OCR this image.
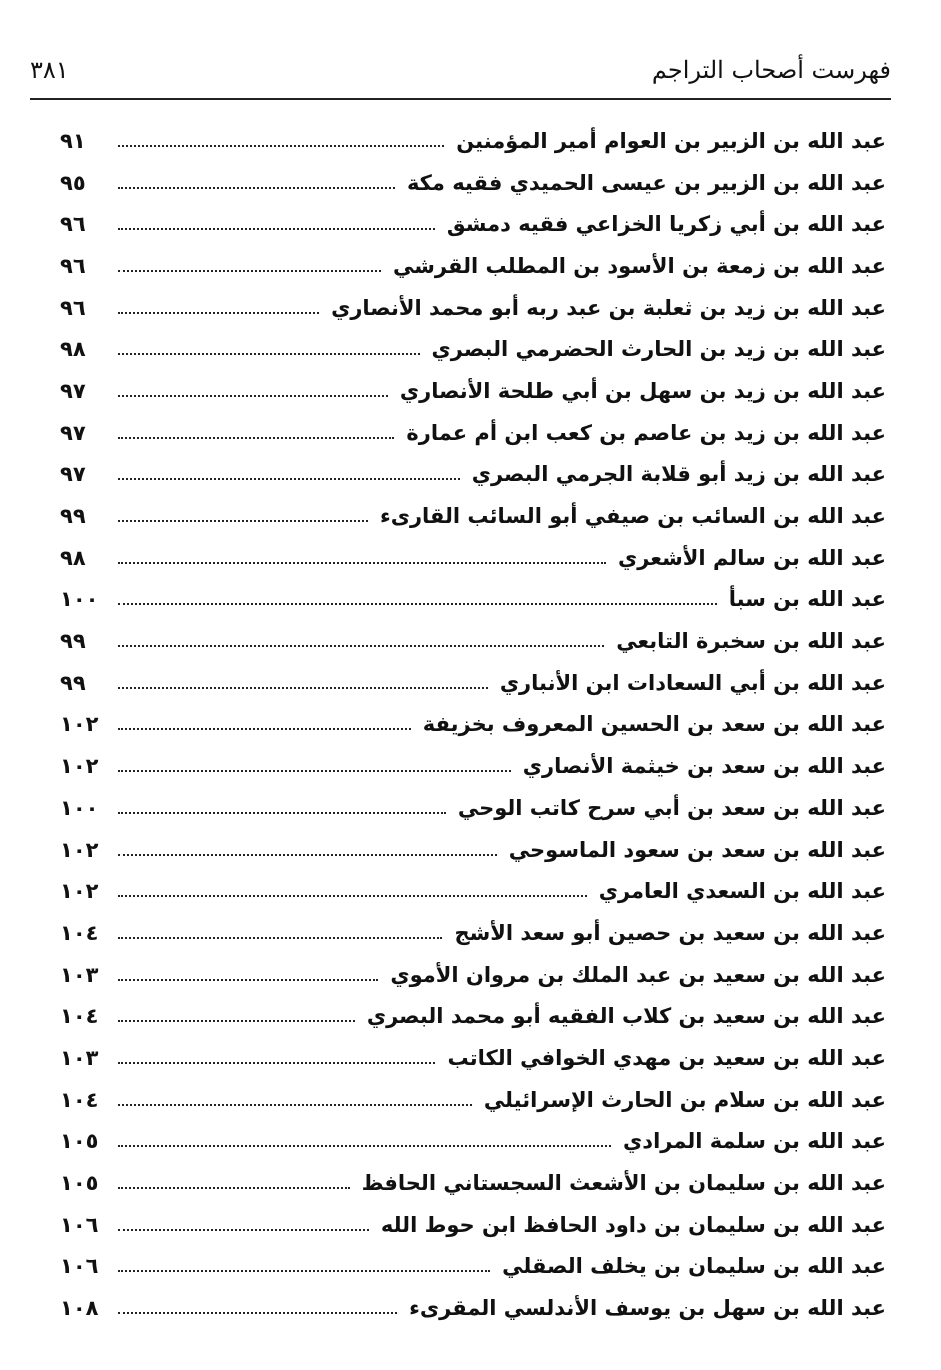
فهرست أصحاب التراجم
٣٨١
عبد الله بن الزبير بن العوام أمير المؤمنين
٩١
عبد الله بن الزبير بن عيسى الحميدي فقيه مكة
٩٥
عبد الله بن أبي زكريا الخزاعي فقيه دمشق
٩٦
عبد الله بن زمعة بن الأسود بن المطلب القرشي
٩٦
عبد الله بن زيد بن ثعلبة بن عبد ربه أبو محمد الأنصاري
٩٦
عبد الله بن زيد بن الحارث الحضرمي البصري
٩٨
عبد الله بن زيد بن سهل بن أبي طلحة الأنصاري
٩٧
عبد الله بن زيد بن عاصم بن كعب ابن أم عمارة
٩٧
عبد الله بن زيد أبو قلابة الجرمي البصري
٩٧
عبد الله بن السائب بن صيفي أبو السائب القارىء
٩٩
عبد الله بن سالم الأشعري
٩٨
عبد الله بن سبأ
١٠٠
عبد الله بن سخبرة التابعي
٩٩
عبد الله بن أبي السعادات ابن الأنباري
٩٩
عبد الله بن سعد بن الحسين المعروف بخزيفة
١٠٢
عبد الله بن سعد بن خيثمة الأنصاري
١٠٢
عبد الله بن سعد بن أبي سرح كاتب الوحي
١٠٠
عبد الله بن سعد بن سعود الماسوحي
١٠٢
عبد الله بن السعدي العامري
١٠٢
عبد الله بن سعيد بن حصين أبو سعد الأشج
١٠٤
عبد الله بن سعيد بن عبد الملك بن مروان الأموي
١٠٣
عبد الله بن سعيد بن كلاب الفقيه أبو محمد البصري
١٠٤
عبد الله بن سعيد بن مهدي الخوافي الكاتب
١٠٣
عبد الله بن سلام بن الحارث الإسرائيلي
١٠٤
عبد الله بن سلمة المرادي
١٠٥
عبد الله بن سليمان بن الأشعث السجستاني الحافظ
١٠٥
عبد الله بن سليمان بن داود الحافظ ابن حوط الله
١٠٦
عبد الله بن سليمان بن يخلف الصقلي
١٠٦
عبد الله بن سهل بن يوسف الأندلسي المقرىء
١٠٨
